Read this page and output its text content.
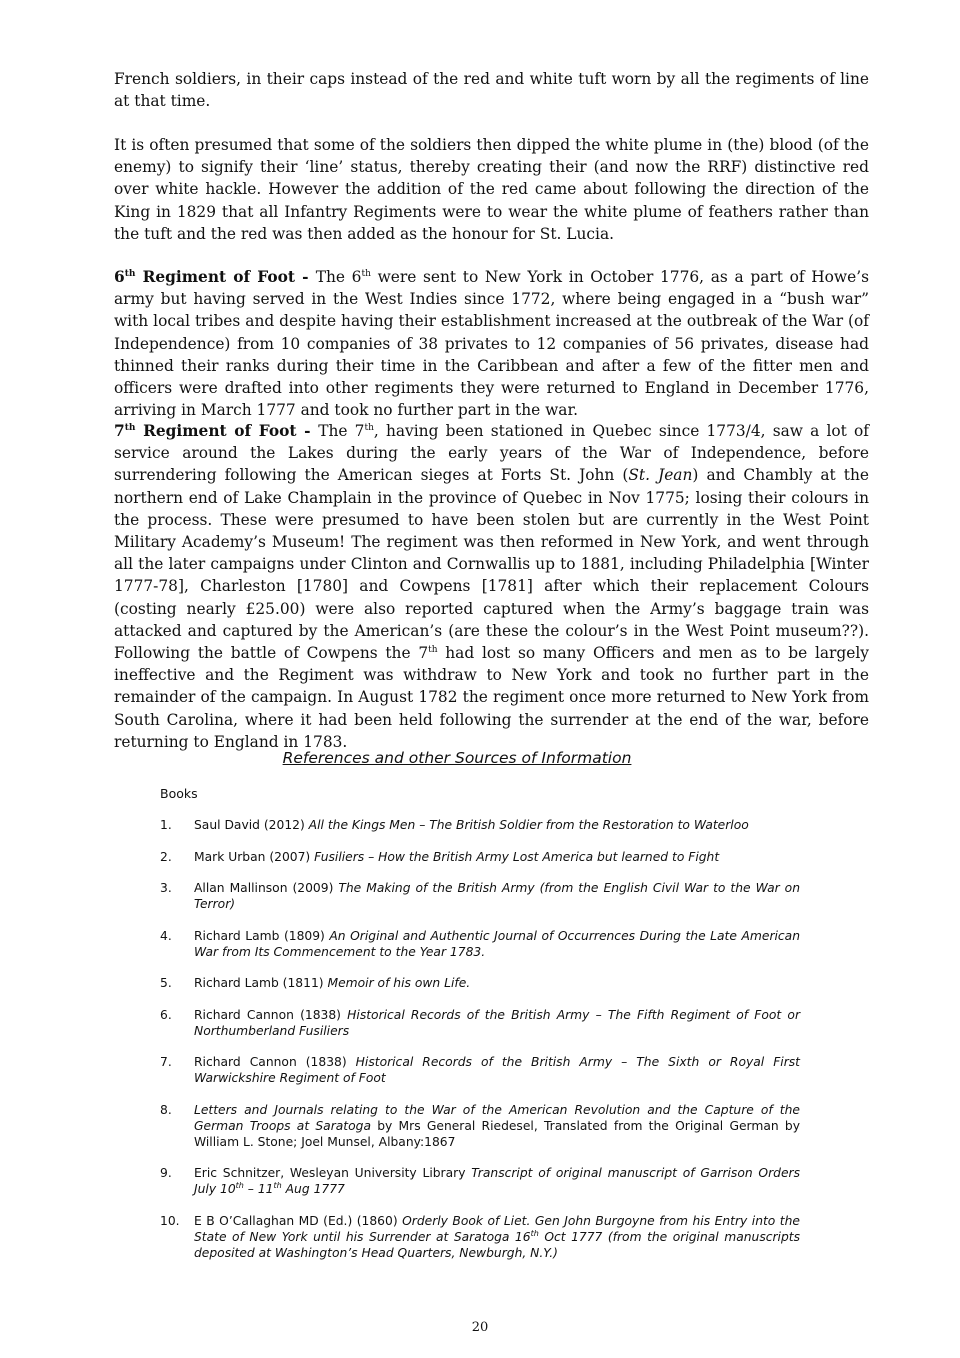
French soldiers, in their caps instead of the red and white tuft worn by all the regiments of line at that time.

It is often presumed that some of the soldiers then dipped the white plume in (the) blood (of the enemy) to signify their ‘line’ status, thereby creating their (and now the RRF) distinctive red over white hackle. However the addition of the red came about following the direction of the King in 1829 that all Infantry Regiments were to wear the white plume of feathers rather than the tuft and the red was then added as the honour for St. Lucia.

6th Regiment of Foot - The 6th were sent to New York in October 1776, as a part of Howe’s army but having served in the West Indies since 1772, where being engaged in a “bush war” with local tribes and despite having their establishment increased at the outbreak of the War (of Independence) from 10 companies of 38 privates to 12 companies of 56 privates, disease had thinned their ranks during their time in the Caribbean and after a few of the fitter men and officers were drafted into other regiments they were returned to England in December 1776, arriving in March 1777 and took no further part in the war.

7th Regiment of Foot - The 7th, having been stationed in Quebec since 1773/4, saw a lot of service around the Lakes during the early years of the War of Independence, before surrendering following the American sieges at Forts St. John (St. Jean) and Chambly at the northern end of Lake Champlain in the province of Quebec in Nov 1775; losing their colours in the process. These were presumed to have been stolen but are currently in the West Point Military Academy’s Museum! The regiment was then reformed in New York, and went through all the later campaigns under Clinton and Cornwallis up to 1881, including Philadelphia [Winter 1777-78], Charleston [1780] and Cowpens [1781] after which their replacement Colours (costing nearly £25.00) were also reported captured when the Army’s baggage train was attacked and captured by the American’s (are these the colour’s in the West Point museum??). Following the battle of Cowpens the 7th had lost so many Officers and men as to be largely ineffective and the Regiment was withdraw to New York and took no further part in the remainder of the campaign. In August 1782 the regiment once more returned to New York from South Carolina, where it had been held following the surrender at the end of the war, before returning to England in 1783.

References and other Sources of Information

Books

1. Saul David (2012) All the Kings Men – The British Soldier from the Restoration to Waterloo
2. Mark Urban (2007) Fusiliers – How the British Army Lost America but learned to Fight
3. Allan Mallinson (2009) The Making of the British Army (from the English Civil War to the War on Terror)
4. Richard Lamb (1809) An Original and Authentic Journal of Occurrences During the Late American War from Its Commencement to the Year 1783.
5. Richard Lamb (1811) Memoir of his own Life.
6. Richard Cannon (1838) Historical Records of the British Army – The Fifth Regiment of Foot or Northumberland Fusiliers
7. Richard Cannon (1838) Historical Records of the British Army – The Sixth or Royal First Warwickshire Regiment of Foot
8. Letters and Journals relating to the War of the American Revolution and the Capture of the German Troops at Saratoga by Mrs General Riedesel, Translated from the Original German by William L. Stone; Joel Munsel, Albany:1867
9. Eric Schnitzer, Wesleyan University Library Transcript of original manuscript of Garrison Orders July 10th – 11th Aug 1777
10. E B O’Callaghan MD (Ed.) (1860) Orderly Book of Liet. Gen John Burgoyne from his Entry into the State of New York until his Surrender at Saratoga 16th Oct 1777 (from the original manuscripts deposited at Washington’s Head Quarters, Newburgh, N.Y.)

20
